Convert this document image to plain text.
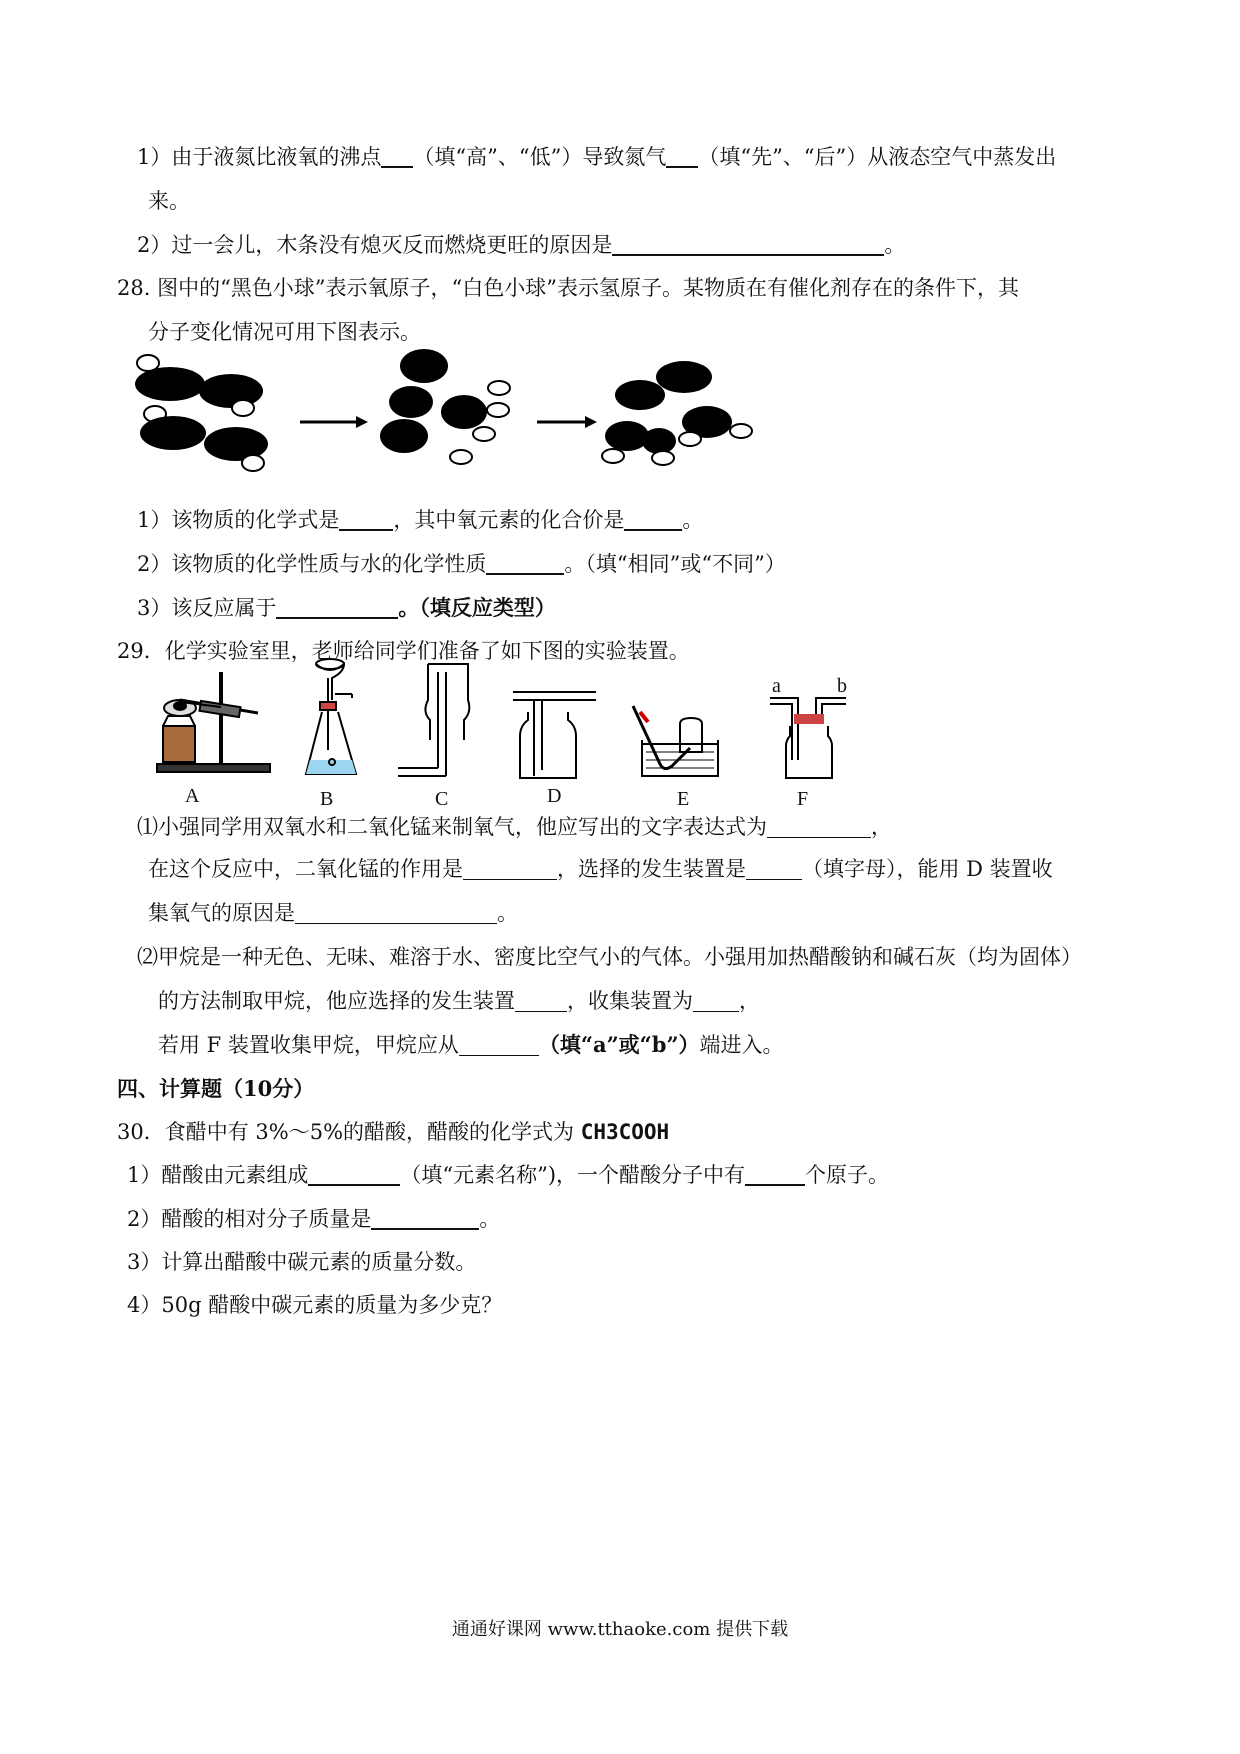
1）由于液氮比液氧的沸点 （填“高”、“低”）导致氮气 （填“先”、“后”）从液态空气中蒸发出
来。
2）过一会儿，木条没有熄灭反而燃烧更旺的原因是	。
28. 图中的“黑色小球”表示氧原子，“白色小球”表示氢原子。某物质在有催化剂存在的条件下，其
分子变化情况可用下图表示。
1）该物质的化学式是	，其中氧元素的化合价是	。
2）该物质的化学性质与水的化学性质	。（填“相同”或“不同”）
3）该反应属于	。（填反应类型）
29．化学实验室里，老师给同学们准备了如下图的实验装置。
A	B	C	D	E
a	b
F
⑴小强同学用双氧水和二氧化锰来制氧气，他应写出的文字表达式为	，
在这个反应中，二氧化锰的作用是	，选择的发生装置是	（填字母），能用 D 装置收
集氧气的原因是	。
⑵甲烷是一种无色、无味、难溶于水、密度比空气小的气体。小强用加热醋酸钠和碱石灰（均为固体）
的方法制取甲烷，他应选择的发生装置 ，收集装置为 ，
若用 F 装置收集甲烷，甲烷应从	（填“a”或“b”）端进入。
四、计算题（10分）
30．食醋中有 3%～5%的醋酸，醋酸的化学式为 CH3COOH
1）醋酸由元素组成	（填“元素名称”)，一个醋酸分子中有	个原子。
2）醋酸的相对分子质量是	。
3）计算出醋酸中碳元素的质量分数。
4）50g 醋酸中碳元素的质量为多少克？
通通好课网 www.tthaoke.com 提供下载
